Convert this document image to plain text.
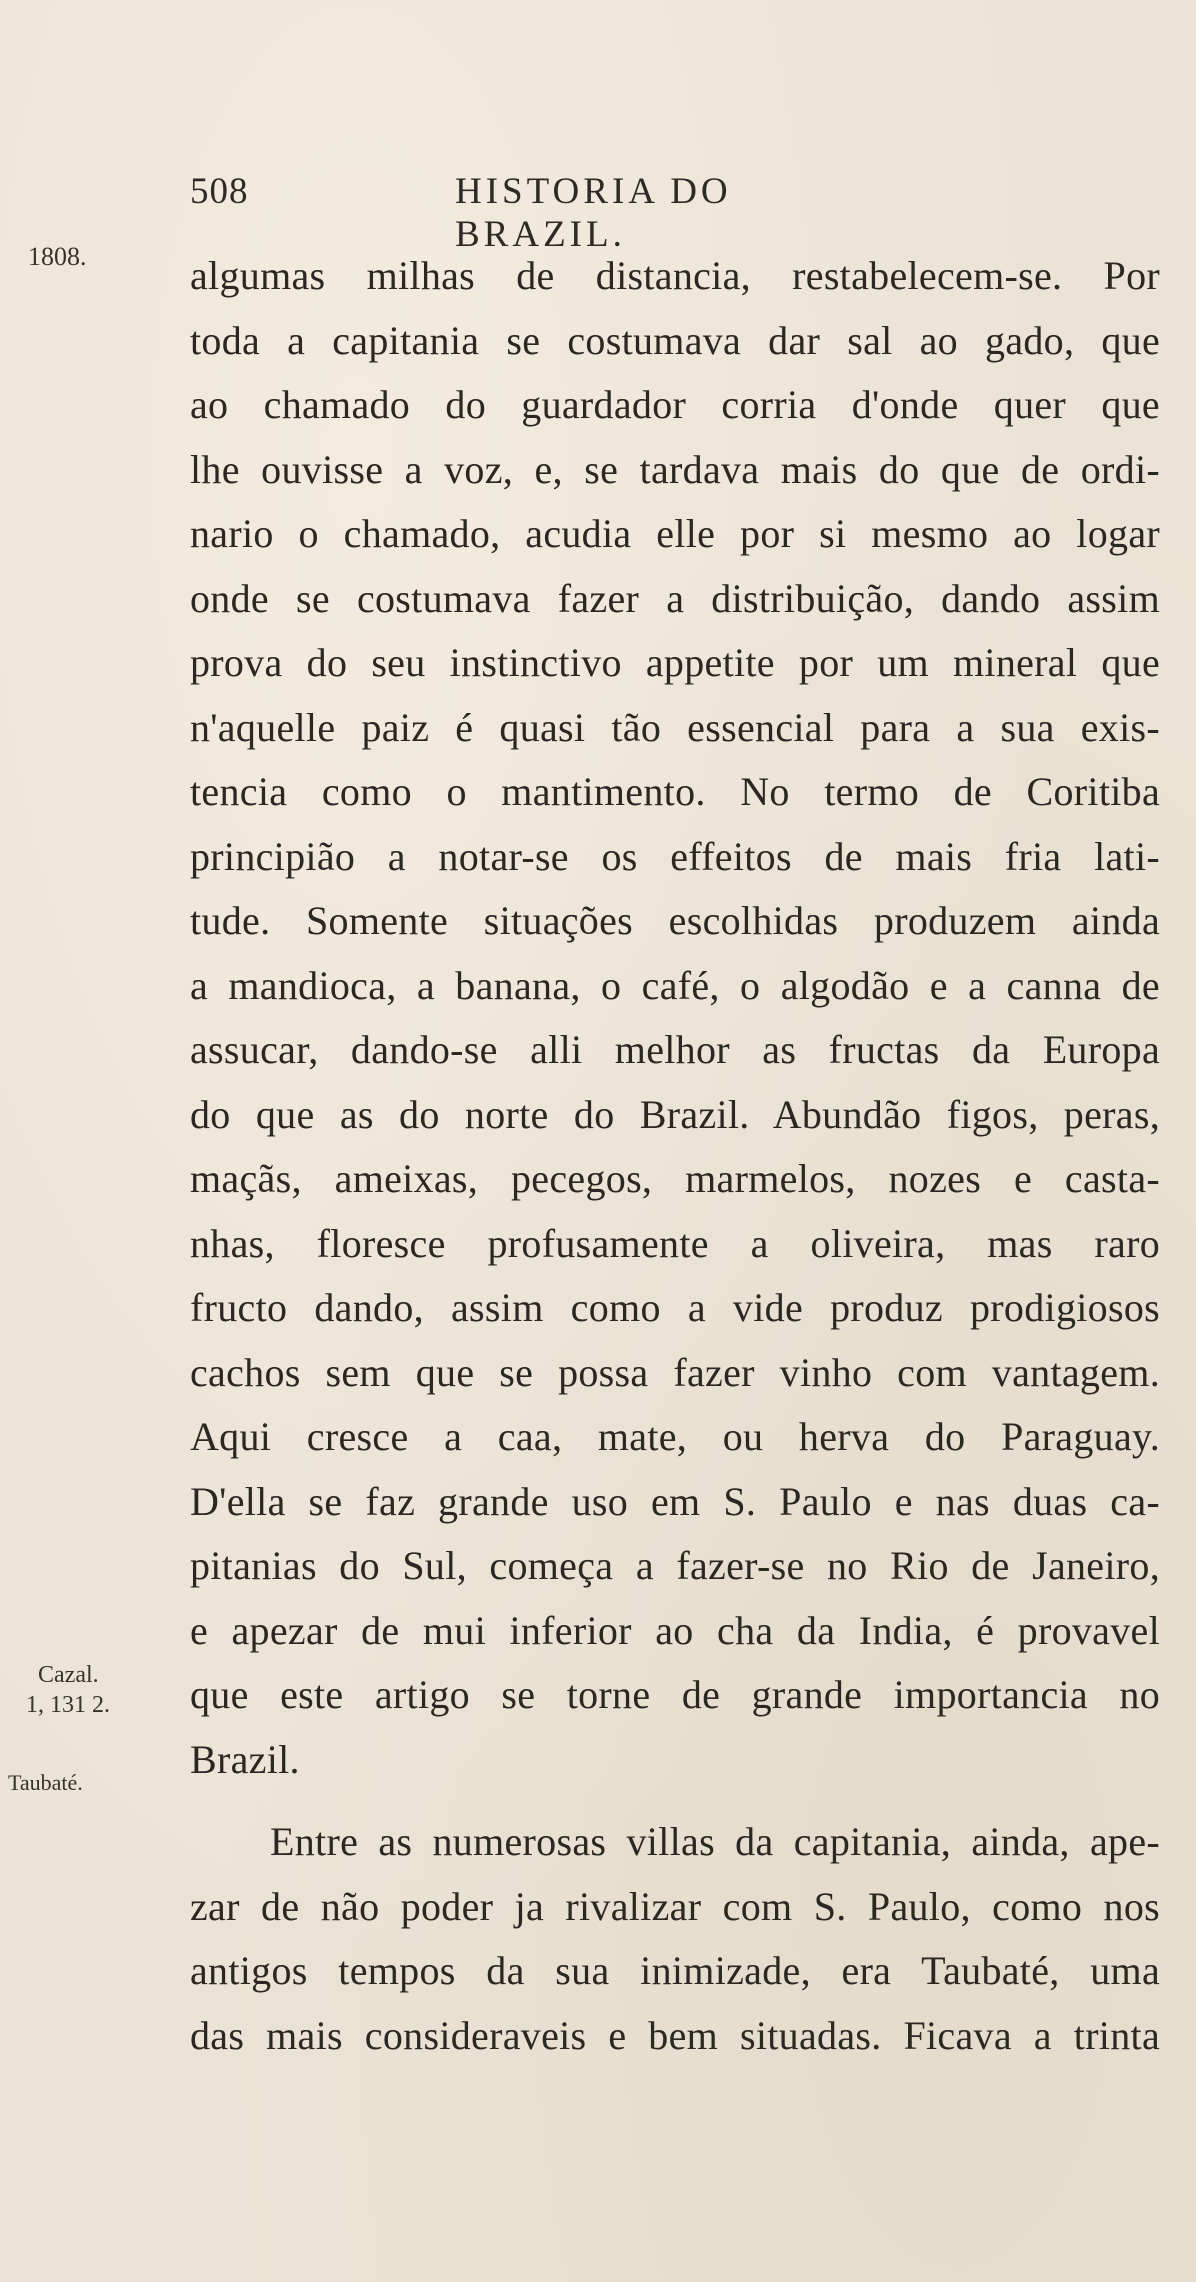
508	HISTORIA DO BRAZIL.
1808.
Cazal.
1, 131 2.
Taubaté.
algumas milhas de distancia, restabelecem-se. Por
toda a capitania se costumava dar sal ao gado, que
ao chamado do guardador corria d'onde quer que
lhe ouvisse a voz, e, se tardava mais do que de ordi-
nario o chamado, acudia elle por si mesmo ao logar
onde se costumava fazer a distribuição, dando assim
prova do seu instinctivo appetite por um mineral que
n'aquelle paiz é quasi tão essencial para a sua exis-
tencia como o mantimento. No termo de Coritiba
principião a notar-se os effeitos de mais fria lati-
tude. Somente situações escolhidas produzem ainda
a mandioca, a banana, o café, o algodão e a canna de
assucar, dando-se alli melhor as fructas da Europa
do que as do norte do Brazil. Abundão figos, peras,
maçãs, ameixas, pecegos, marmelos, nozes e casta-
nhas, floresce profusamente a oliveira, mas raro
fructo dando, assim como a vide produz prodigiosos
cachos sem que se possa fazer vinho com vantagem.
Aqui cresce a caa, mate, ou herva do Paraguay.
D'ella se faz grande uso em S. Paulo e nas duas ca-
pitanias do Sul, começa a fazer-se no Rio de Janeiro,
e apezar de mui inferior ao cha da India, é provavel
que este artigo se torne de grande importancia no
Brazil.
Entre as numerosas villas da capitania, ainda, ape-
zar de não poder ja rivalizar com S. Paulo, como nos
antigos tempos da sua inimizade, era Taubaté, uma
das mais consideraveis e bem situadas. Ficava a trinta
